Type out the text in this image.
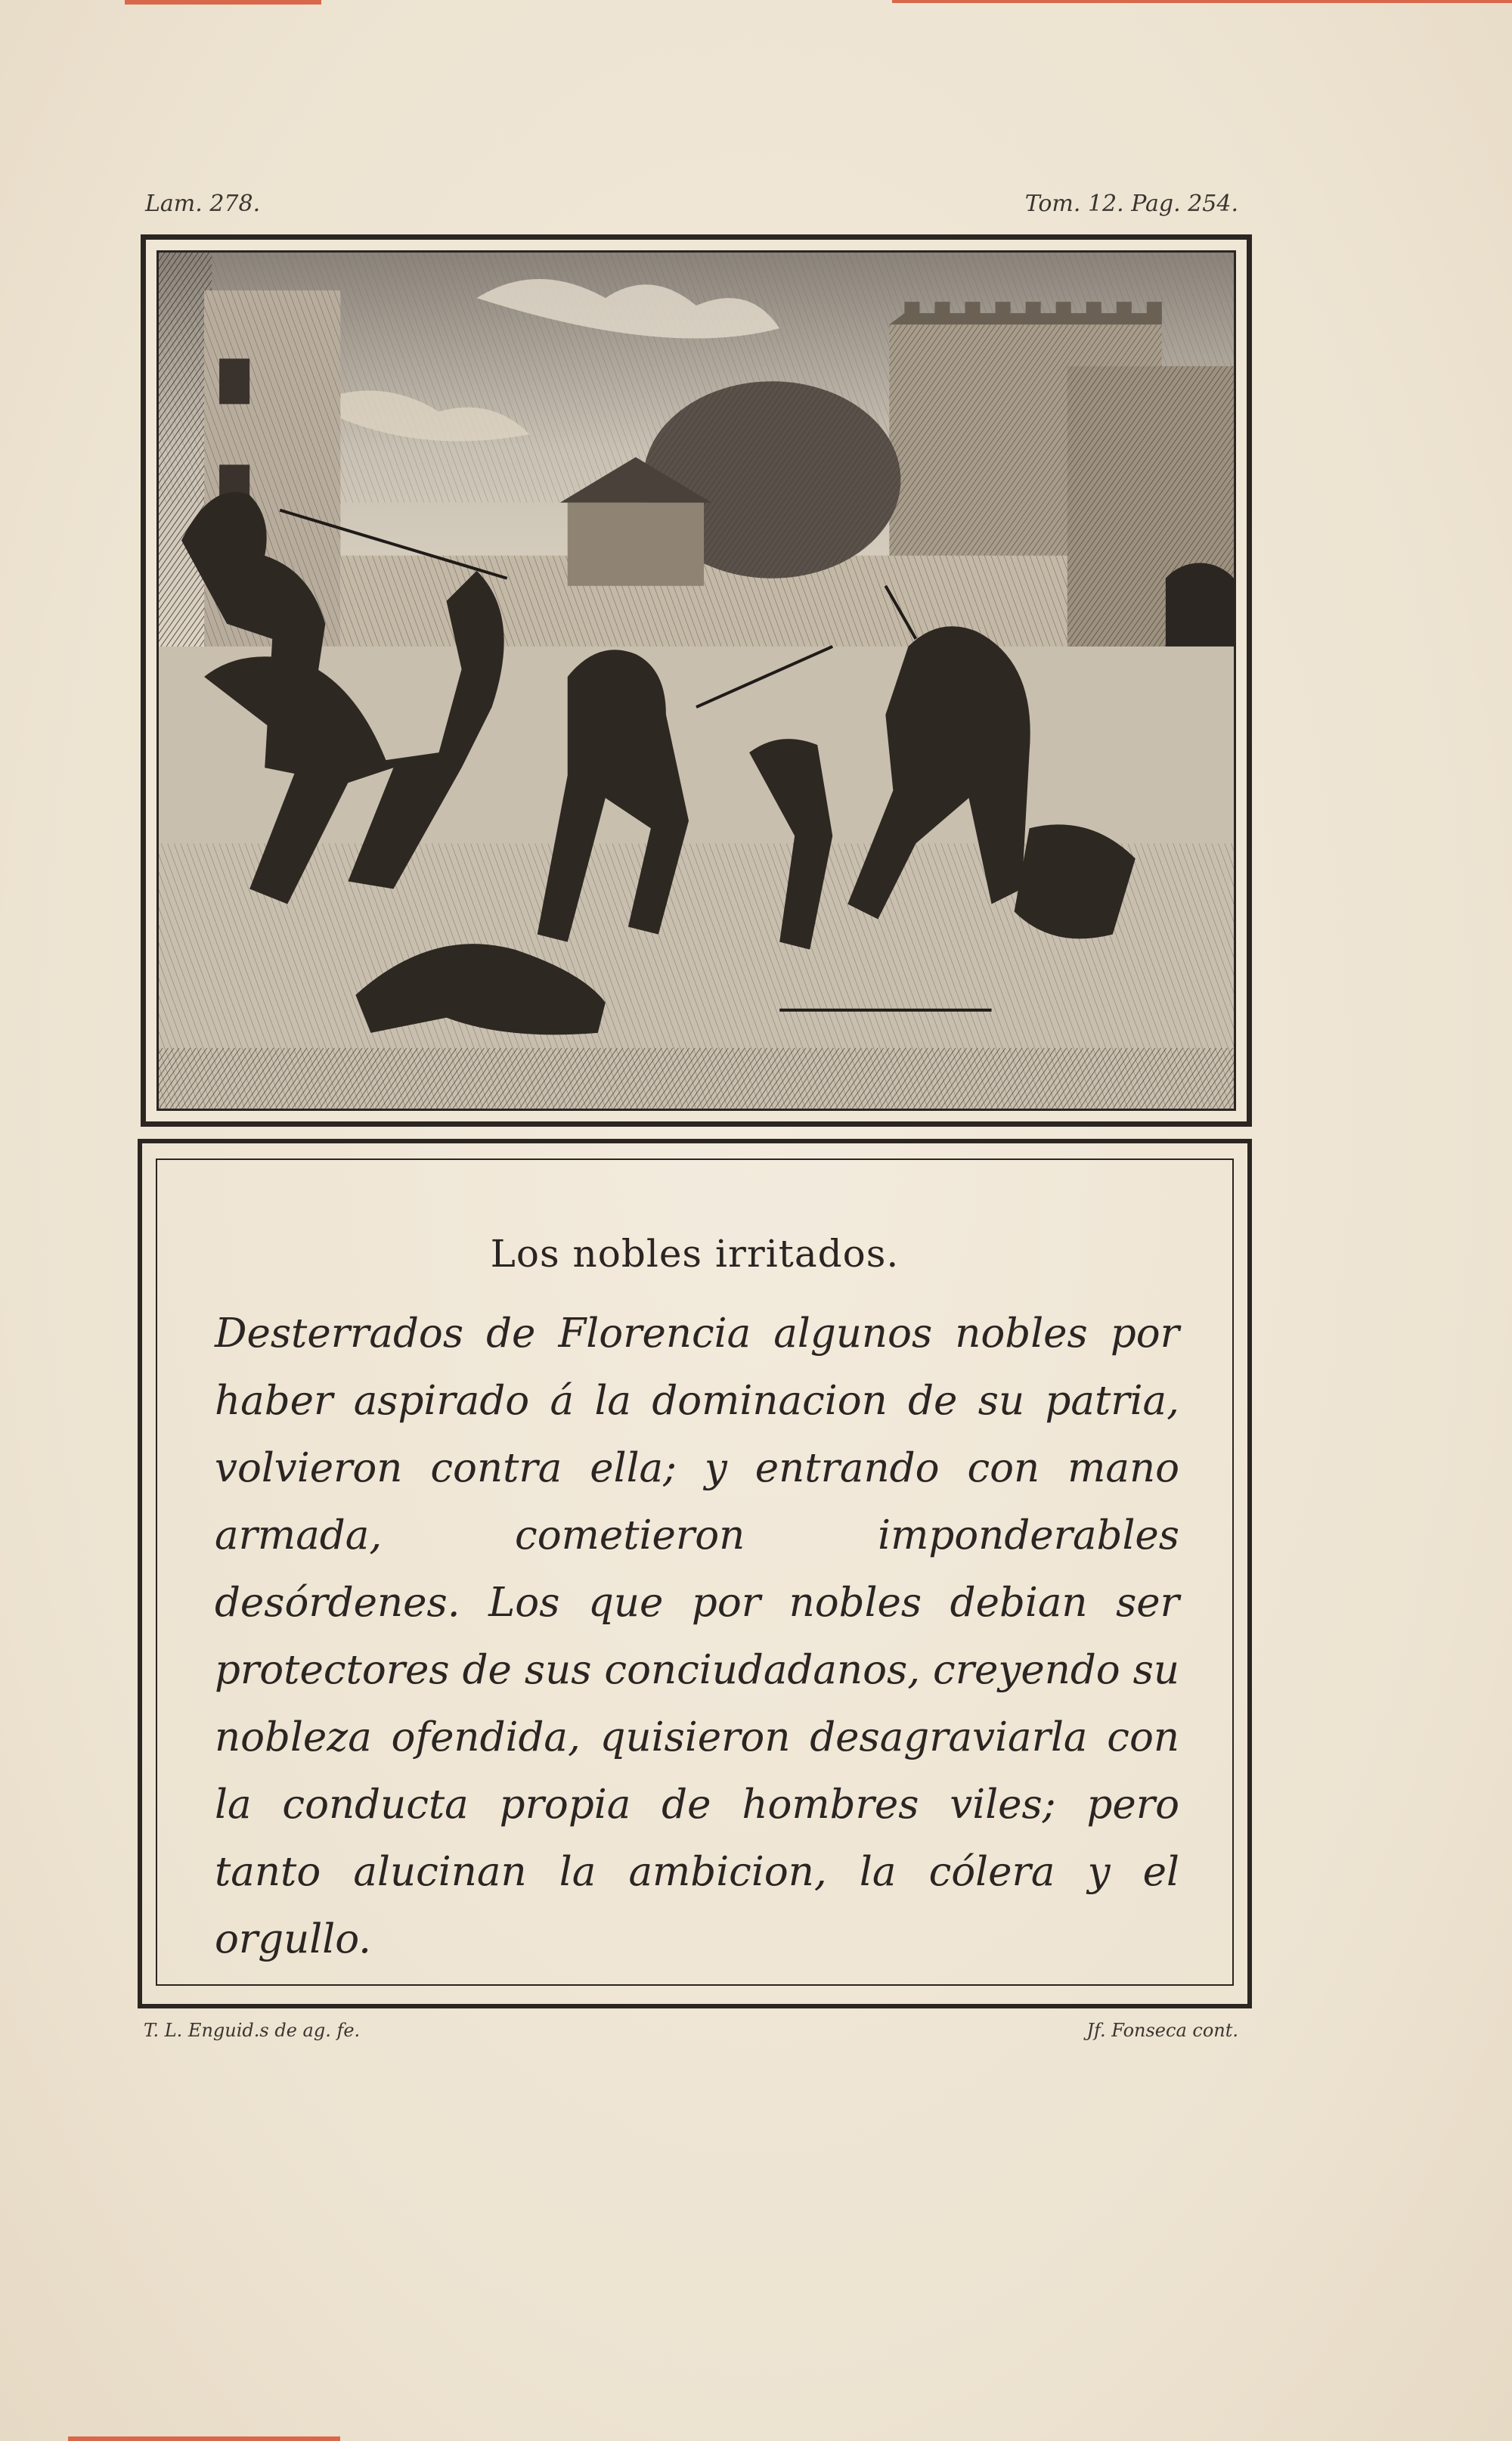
Lam. 278.	Tom. 12. Pag. 254.
Los nobles irritados.
Desterrados de Florencia algunos nobles por haber aspirado á la dominacion de su patria, volvieron contra ella; y entrando con mano armada, cometieron imponderables desórdenes. Los que por nobles debian ser protectores de sus conciudadanos, creyendo su nobleza ofendida, quisieron desagraviarla con la conducta propia de hombres viles; pero tanto alucinan la ambicion, la cólera y el orgullo.
T. L. Enguid.s de ag. fe.	Jf. Fonseca cont.
